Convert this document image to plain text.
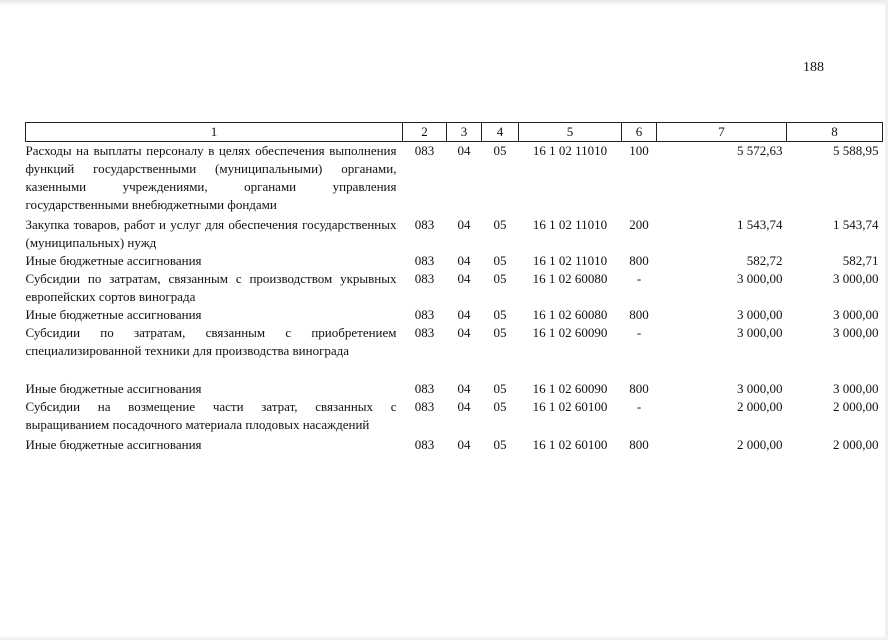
188
1	2	3	4	5	6	7	8
Расходы на выплаты персоналу в целях обеспечения выполнения функций государственными (муниципальными) органами, казенными учреждениями, органами управления государственными внебюджетными фондами	083	04	05	16 1 02 11010	100	5 572,63	5 588,95
Закупка товаров, работ и услуг для обеспечения государственных (муниципальных) нужд	083	04	05	16 1 02 11010	200	1 543,74	1 543,74
Иные бюджетные ассигнования	083	04	05	16 1 02 11010	800	582,72	582,71
Субсидии по затратам, связанным с производством укрывных европейских сортов винограда	083	04	05	16 1 02 60080	-	3 000,00	3 000,00
Иные бюджетные ассигнования	083	04	05	16 1 02 60080	800	3 000,00	3 000,00
Субсидии по затратам, связанным с приобретением специализированной техники для производства винограда	083	04	05	16 1 02 60090	-	3 000,00	3 000,00
Иные бюджетные ассигнования	083	04	05	16 1 02 60090	800	3 000,00	3 000,00
Субсидии на возмещение части затрат, связанных с выращиванием посадочного материала плодовых насаждений	083	04	05	16 1 02 60100	-	2 000,00	2 000,00
Иные бюджетные ассигнования	083	04	05	16 1 02 60100	800	2 000,00	2 000,00
